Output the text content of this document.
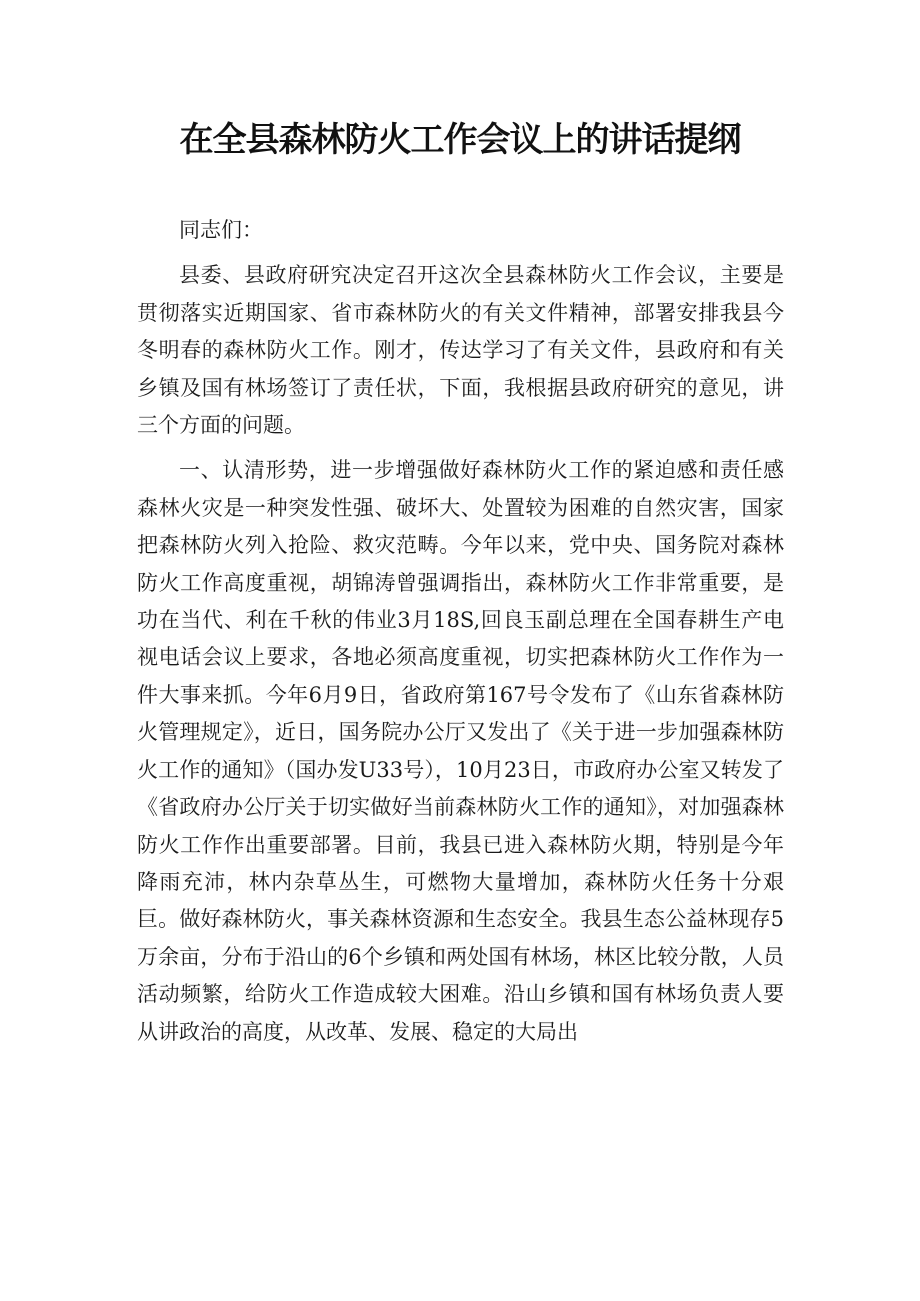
在全县森林防火工作会议上的讲话提纲

同志们：

县委、县政府研究决定召开这次全县森林防火工作会议，主要是贯彻落实近期国家、省市森林防火的有关文件精神，部署安排我县今冬明春的森林防火工作。刚才，传达学习了有关文件，县政府和有关乡镇及国有林场签订了责任状，下面，我根据县政府研究的意见，讲三个方面的问题。

一、认清形势，进一步增强做好森林防火工作的紧迫感和责任感森林火灾是一种突发性强、破坏大、处置较为困难的自然灾害，国家把森林防火列入抢险、救灾范畴。今年以来，党中央、国务院对森林防火工作高度重视，胡锦涛曾强调指出，森林防火工作非常重要，是功在当代、利在千秋的伟业3月18S,回良玉副总理在全国春耕生产电视电话会议上要求，各地必须高度重视，切实把森林防火工作作为一件大事来抓。今年6月9日，省政府第167号令发布了《山东省森林防火管理规定》，近日，国务院办公厅又发出了《关于进一步加强森林防火工作的通知》（国办发U33号），10月23日，市政府办公室又转发了《省政府办公厅关于切实做好当前森林防火工作的通知》，对加强森林防火工作作出重要部署。目前，我县已进入森林防火期，特别是今年降雨充沛，林内杂草丛生，可燃物大量增加，森林防火任务十分艰巨。做好森林防火，事关森林资源和生态安全。我县生态公益林现存5万余亩，分布于沿山的6个乡镇和两处国有林场，林区比较分散，人员活动频繁，给防火工作造成较大困难。沿山乡镇和国有林场负责人要从讲政治的高度，从改革、发展、稳定的大局出
